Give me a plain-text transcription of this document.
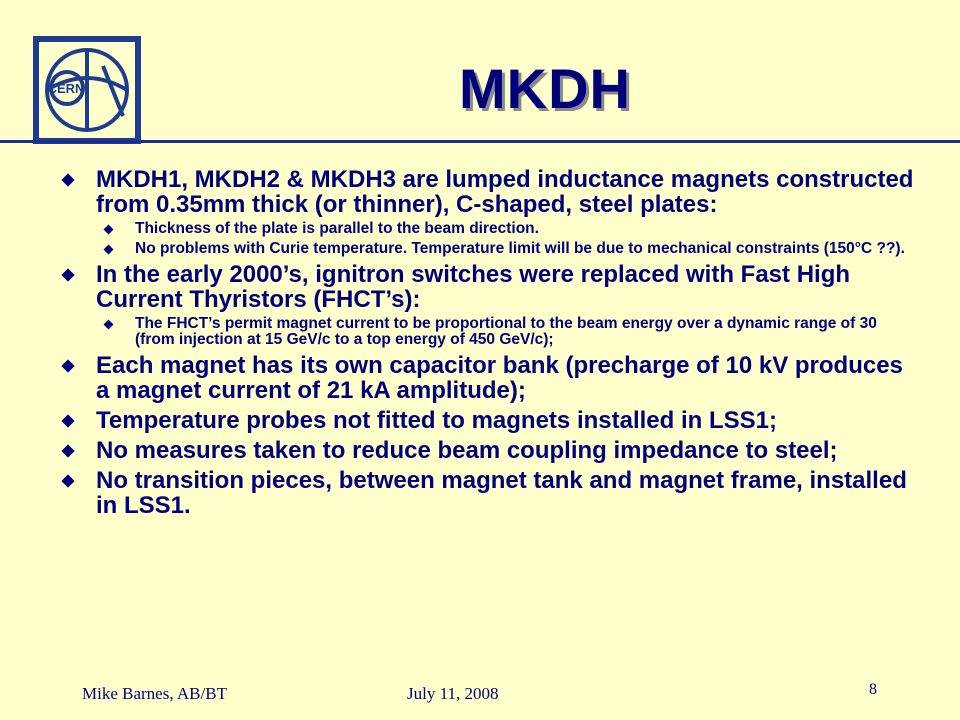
CERN	MKDH
MKDH1, MKDH2 & MKDH3 are lumped inductance magnets constructed from 0.35mm thick (or thinner), C-shaped, steel plates:
Thickness of the plate is parallel to the beam direction.
No problems with Curie temperature. Temperature limit will be due to mechanical constraints (150°C ??).
In the early 2000’s, ignitron switches were replaced with Fast High Current Thyristors (FHCT’s):
The FHCT’s permit magnet current to be proportional to the beam energy over a dynamic range of 30 (from injection at 15 GeV/c to a top energy of 450 GeV/c);
Each magnet has its own capacitor bank (precharge of 10 kV produces a magnet current of 21 kA amplitude);
Temperature probes not fitted to magnets installed in LSS1;
No measures taken to reduce beam coupling impedance to steel;
No transition pieces, between magnet tank and magnet frame, installed in LSS1.
Mike Barnes, AB/BT	July 11, 2008	8
